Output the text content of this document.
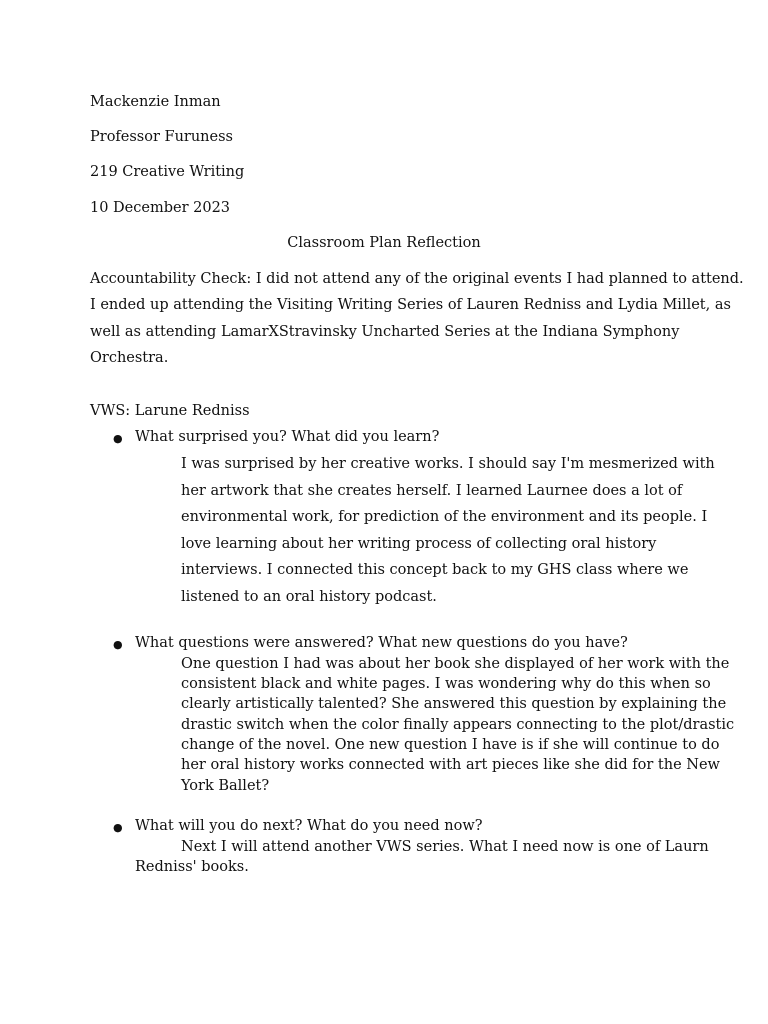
Mackenzie Inman
Professor Furuness
219 Creative Writing
10 December 2023
Classroom Plan Reflection
Accountability Check: I did not attend any of the original events I had planned to attend.
I ended up attending the Visiting Writing Series of Lauren Redniss and Lydia Millet, as
well as attending LamarXStravinsky Uncharted Series at the Indiana Symphony
Orchestra.
VWS: Larune Redniss
● What surprised you? What did you learn?
I was surprised by her creative works. I should say I'm mesmerized with
her artwork that she creates herself. I learned Laurnee does a lot of
environmental work, for prediction of the environment and its people. I
love learning about her writing process of collecting oral history
interviews. I connected this concept back to my GHS class where we
listened to an oral history podcast.
● What questions were answered? What new questions do you have?
One question I had was about her book she displayed of her work with the
consistent black and white pages. I was wondering why do this when so
clearly artistically talented? She answered this question by explaining the
drastic switch when the color finally appears connecting to the plot/drastic
change of the novel. One new question I have is if she will continue to do
her oral history works connected with art pieces like she did for the New
York Ballet?
● What will you do next? What do you need now?
Next I will attend another VWS series. What I need now is one of Laurn
Redniss' books.
